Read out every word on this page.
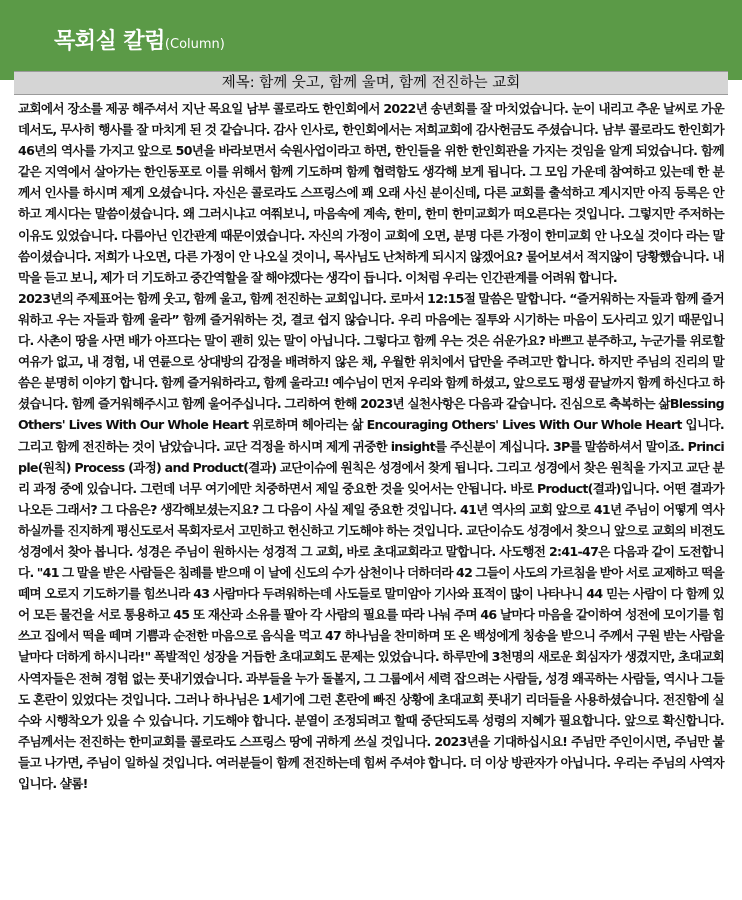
목회실 칼럼(Column)
제목: 함께 웃고, 함께 울며, 함께 전진하는 교회

교회에서 장소를 제공 해주셔서 지난 목요일 남부 콜로라도 한인회에서 2022년 송년회를 잘 마치었습니다. 눈이 내리고 추운 날씨로 가운데서도, 무사히 행사를 잘 마치게 된 것 같습니다. 감사 인사로, 한인회에서는 저희교회에 감사헌금도 주셨습니다. 남부 콜로라도 한인회가 46년의 역사를 가지고 앞으로 50년을 바라보면서 숙원사업이라고 하면, 한인들을 위한 한인회관을 가지는 것임을 알게 되었습니다. 함께 같은 지역에서 살아가는 한인동포로 이를 위해서 함께 기도하며 함께 협력함도 생각해 보게 됩니다. 그 모임 가운데 참여하고 있는데 한 분께서 인사를 하시며 제게 오셨습니다. 자신은 콜로라도 스프링스에 꽤 오래 사신 분이신데, 다른 교회를 출석하고 계시지만 아직 등록은 안하고 계시다는 말씀이셨습니다. 왜 그러시냐고 여쭤보니, 마음속에 계속, 한미, 한미 한미교회가 떠오른다는 것입니다. 그렇지만 주저하는 이유도 있었습니다. 다름아닌 인간관계 때문이였습니다. 자신의 가정이 교회에 오면, 분명 다른 가정이 한미교회 안 나오실 것이다 라는 말씀이셨습니다. 저희가 나오면, 다른 가정이 안 나오실 것이니, 목사님도 난처하게 되시지 않겠어요? 물어보셔서 적지않이 당황했습니다. 내막을 듣고 보니, 제가 더 기도하고 중간역할을 잘 해야겠다는 생각이 듭니다. 이처럼 우리는 인간관계를 어려워 합니다.

2023년의 주제표어는 함께 웃고, 함께 울고, 함께 전진하는 교회입니다. 로마서 12:15절 말씀은 말합니다. “즐거워하는 자들과 함께 즐거워하고 우는 자들과 함께 울라” 함께 즐거워하는 것, 결코 쉽지 않습니다. 우리 마음에는 질투와 시기하는 마음이 도사리고 있기 때문입니다. 사촌이 땅을 사면 배가 아프다는 말이 괜히 있는 말이 아닙니다. 그렇다고 함께 우는 것은 쉬운가요? 바쁘고 분주하고, 누군가를 위로할 여유가 없고, 내 경험, 내 연륜으로 상대방의 감정을 배려하지 않은 채, 우월한 위치에서 답만을 주려고만 합니다. 하지만 주님의 진리의 말씀은 분명히 이야기 합니다. 함께 즐거워하라고, 함께 울라고! 예수님이 먼저 우리와 함께 하셨고, 앞으로도 평생 끝날까지 함께 하신다고 하셨습니다. 함께 즐거워해주시고 함께 울어주십니다. 그리하여 한해 2023년 실천사항은 다음과 같습니다. 진심으로 축복하는 삶Blessing Others' Lives With Our Whole Heart 위로하며 헤아리는 삶 Encouraging Others' Lives With Our Whole Heart 입니다. 그리고 함께 전진하는 것이 남았습니다. 교단 걱정을 하시며 제게 귀중한 insight를 주신분이 계십니다. 3P를 말씀하셔서 말이죠. Principle(원칙) Process (과정) and Product(결과) 교단이슈에 원칙은 성경에서 찾게 됩니다. 그리고 성경에서 찾은 원칙을 가지고 교단 분리 과정 중에 있습니다. 그런데 너무 여기에만 치중하면서 제일 중요한 것을 잊어서는 안됩니다. 바로 Product(결과)입니다. 어떤 결과가 나오든 그래서? 그 다음은? 생각해보셨는지요? 그 다음이 사실 제일 중요한 것입니다. 41년 역사의 교회 앞으로 41년 주님이 어떻게 역사하실까를 진지하게 평신도로서 목회자로서 고민하고 헌신하고 기도해야 하는 것입니다. 교단이슈도 성경에서 찾으니 앞으로 교회의 비젼도 성경에서 찾아 봅니다. 성경은 주님이 원하시는 성경적 그 교회, 바로 초대교회라고 말합니다. 사도행전 2:41-47은 다음과 같이 도전합니다. "41 그 말을 받은 사람들은 침례를 받으매 이 날에 신도의 수가 삼천이나 더하더라 42 그들이 사도의 가르침을 받아 서로 교제하고 떡을 떼며 오로지 기도하기를 힘쓰니라 43 사람마다 두려워하는데 사도들로 말미암아 기사와 표적이 많이 나타나니 44 믿는 사람이 다 함께 있어 모든 물건을 서로 통용하고 45 또 재산과 소유를 팔아 각 사람의 필요를 따라 나눠 주며 46 날마다 마음을 같이하여 성전에 모이기를 힘쓰고 집에서 떡을 떼며 기쁨과 순전한 마음으로 음식을 먹고 47 하나님을 찬미하며 또 온 백성에게 칭송을 받으니 주께서 구원 받는 사람을 날마다 더하게 하시니라!" 폭발적인 성장을 거듭한 초대교회도 문제는 있었습니다. 하루만에 3천명의 새로운 회심자가 생겼지만, 초대교회 사역자들은 전혀 경험 없는 풋내기였습니다. 과부들을 누가 돌볼지, 그 그룹에서 세력 잡으려는 사람들, 성경 왜곡하는 사람들, 역시나 그들도 혼란이 있었다는 것입니다. 그러나 하나님은 1세기에 그런 혼란에 빠진 상황에 초대교회 풋내기 리더들을 사용하셨습니다. 전진함에 실수와 시행착오가 있을 수 있습니다. 기도해야 합니다. 분열이 조정되려고 할때 중단되도록 성령의 지혜가 필요합니다. 앞으로 확신합니다. 주님께서는 전진하는 한미교회를 콜로라도 스프링스 땅에 귀하게 쓰실 것입니다. 2023년을 기대하십시요! 주님만 주인이시면, 주님만 붙들고 나가면, 주님이 일하실 것입니다. 여러분들이 함께 전진하는데 힘써 주셔야 합니다. 더 이상 방관자가 아닙니다. 우리는 주님의 사역자 입니다. 샬롬!
